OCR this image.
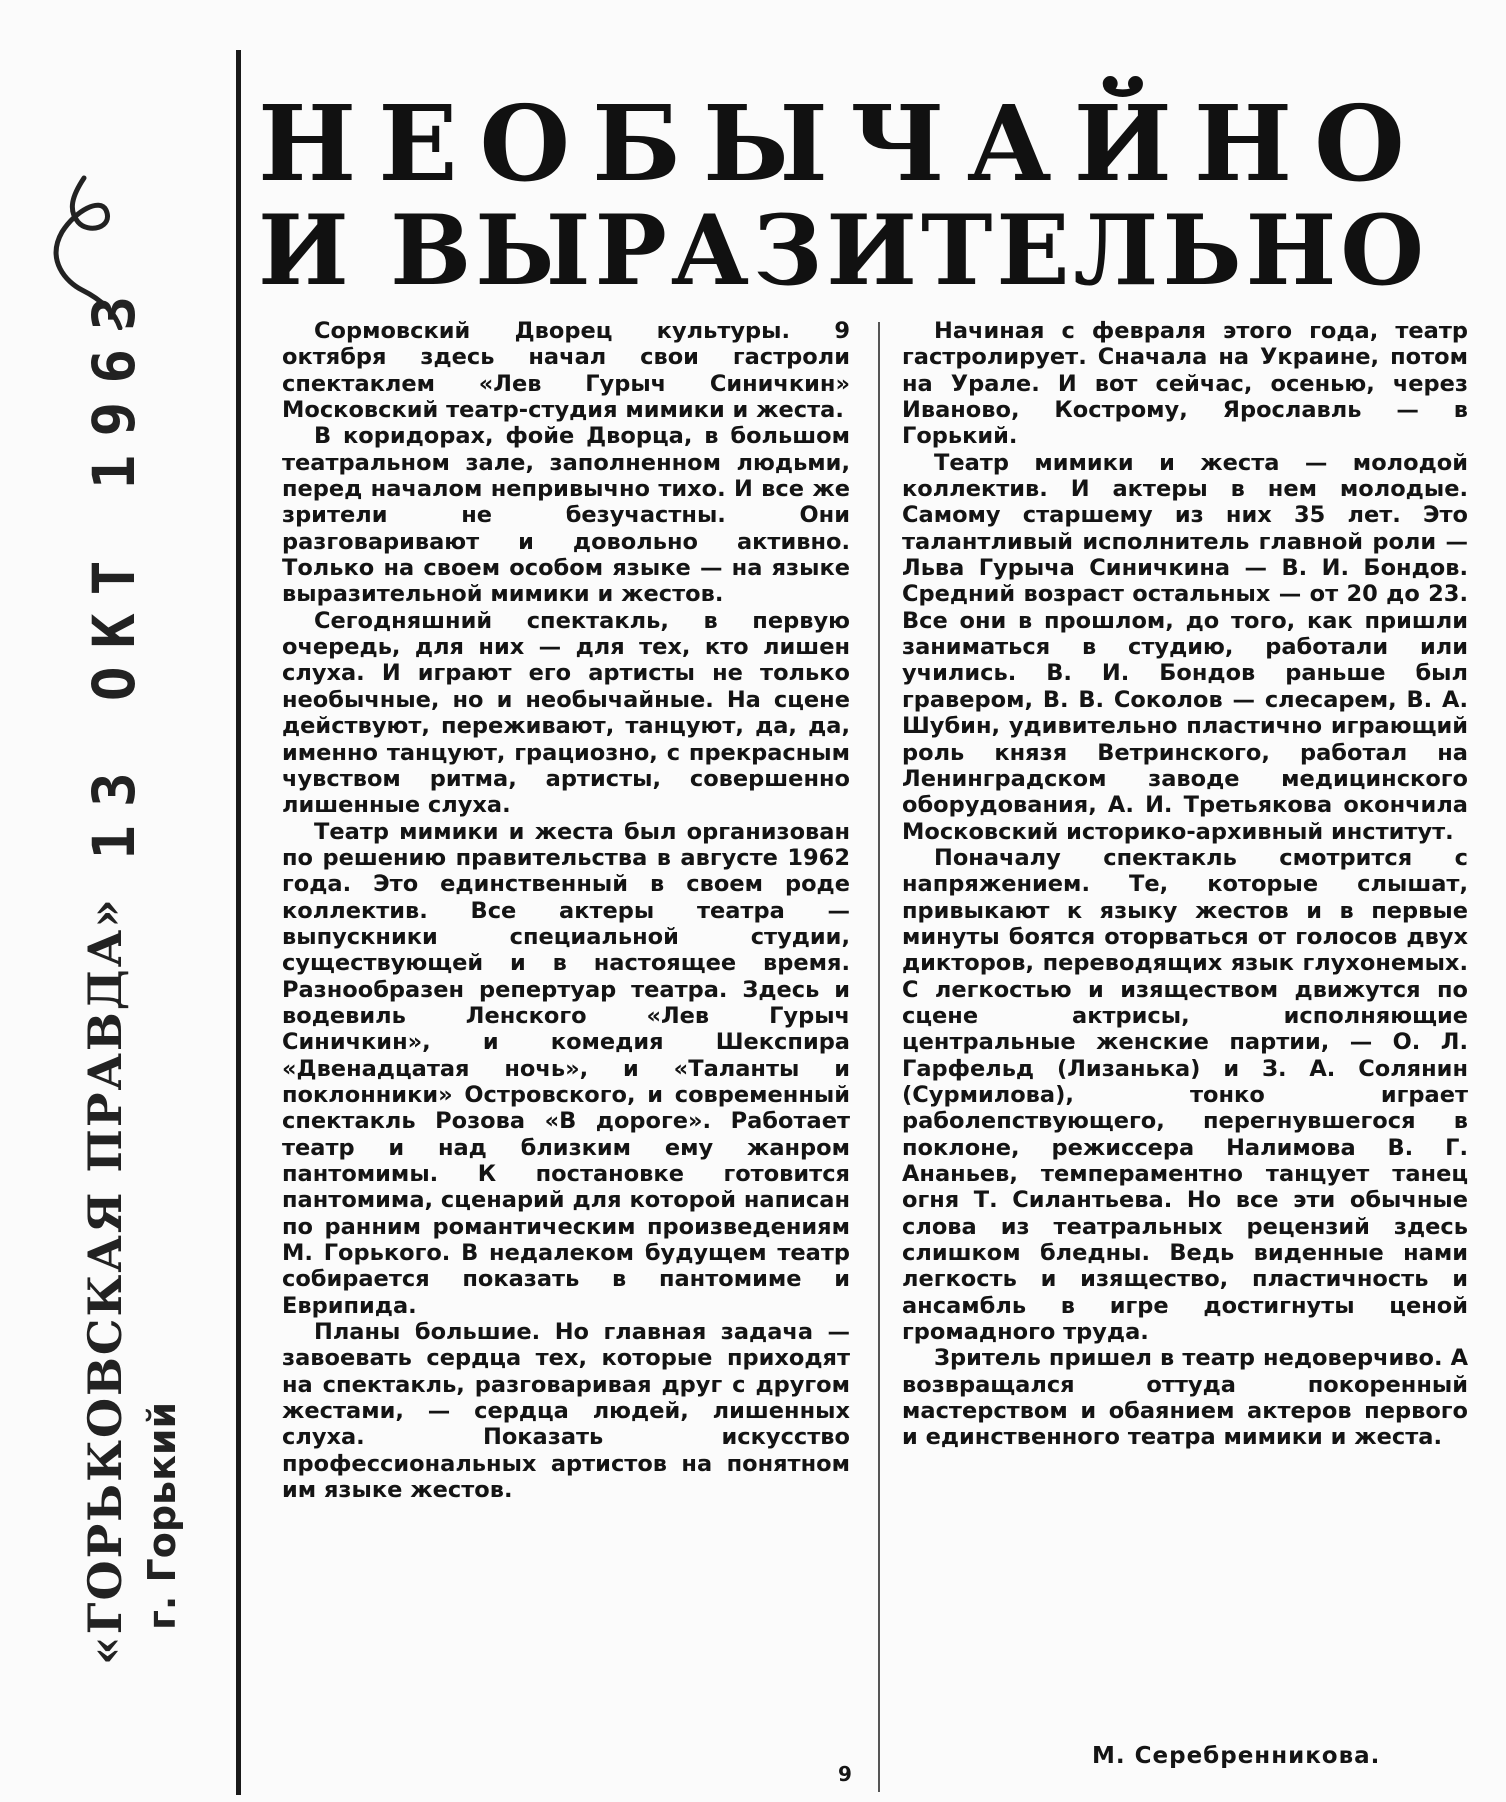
13 ОКТ 1963
«ГОРЬКОВСКАЯ ПРАВДА» г. Горький
НЕОБЫЧАЙНО
И ВЫРАЗИТЕЛЬНО

Сормовский Дворец культуры. 9 октября здесь начал свои гастроли спектаклем «Лев Гурыч Синичкин» Московский театр-студия мимики и жеста.

В коридорах, фойе Дворца, в большом театральном зале, заполненном людьми, перед началом непривычно тихо. И все же зрители не безучастны. Они разговаривают и довольно активно. Только на своем особом языке — на языке выразительной мимики и жестов.

Сегодняшний спектакль, в первую очередь, для них — для тех, кто лишен слуха. И играют его артисты не только необычные, но и необычайные. На сцене действуют, переживают, танцуют, да, да, именно танцуют, грациозно, с прекрасным чувством ритма, артисты, совершенно лишенные слуха.

Театр мимики и жеста был организован по решению правительства в августе 1962 года. Это единственный в своем роде коллектив. Все актеры театра — выпускники специальной студии, существующей и в настоящее время. Разнообразен репертуар театра. Здесь и водевиль Ленского «Лев Гурыч Синичкин», и комедия Шекспира «Двенадцатая ночь», и «Таланты и поклонники» Островского, и современный спектакль Розова «В дороге». Работает театр и над близким ему жанром пантомимы. К постановке готовится пантомима, сценарий для которой написан по ранним романтическим произведениям М. Горького. В недалеком будущем театр собирается показать в пантомиме и Еврипида.

Планы большие. Но главная задача — завоевать сердца тех, которые приходят на спектакль, разговаривая друг с другом жестами, — сердца людей, лишенных слуха. Показать искусство профессиональных артистов на понятном им языке жестов.

Начиная с февраля этого года, театр гастролирует. Сначала на Украине, потом на Урале. И вот сейчас, осенью, через Иваново, Кострому, Ярославль — в Горький.

Театр мимики и жеста — молодой коллектив. И актеры в нем молодые. Самому старшему из них 35 лет. Это талантливый исполнитель главной роли — Льва Гурыча Синичкина — В. И. Бондов. Средний возраст остальных — от 20 до 23. Все они в прошлом, до того, как пришли заниматься в студию, работали или учились. В. И. Бондов раньше был гравером, В. В. Соколов — слесарем, В. А. Шубин, удивительно пластично играющий роль князя Ветринского, работал на Ленинградском заводе медицинского оборудования, А. И. Третьякова окончила Московский историко-архивный институт.

Поначалу спектакль смотрится с напряжением. Те, которые слышат, привыкают к языку жестов и в первые минуты боятся оторваться от голосов двух дикторов, переводящих язык глухонемых. С легкостью и изяществом движутся по сцене актрисы, исполняющие центральные женские партии, — О. Л. Гарфельд (Лизанька) и З. А. Солянин (Сурмилова), тонко играет раболепствующего, перегнувшегося в поклоне, режиссера Налимова В. Г. Ананьев, темпераментно танцует танец огня Т. Силантьева. Но все эти обычные слова из театральных рецензий здесь слишком бледны. Ведь виденные нами легкость и изящество, пластичность и ансамбль в игре достигнуты ценой громадного труда.

Зритель пришел в театр недоверчиво. А возвращался оттуда покоренный мастерством и обаянием актеров первого и единственного театра мимики и жеста.

9
М. Серебренникова.
